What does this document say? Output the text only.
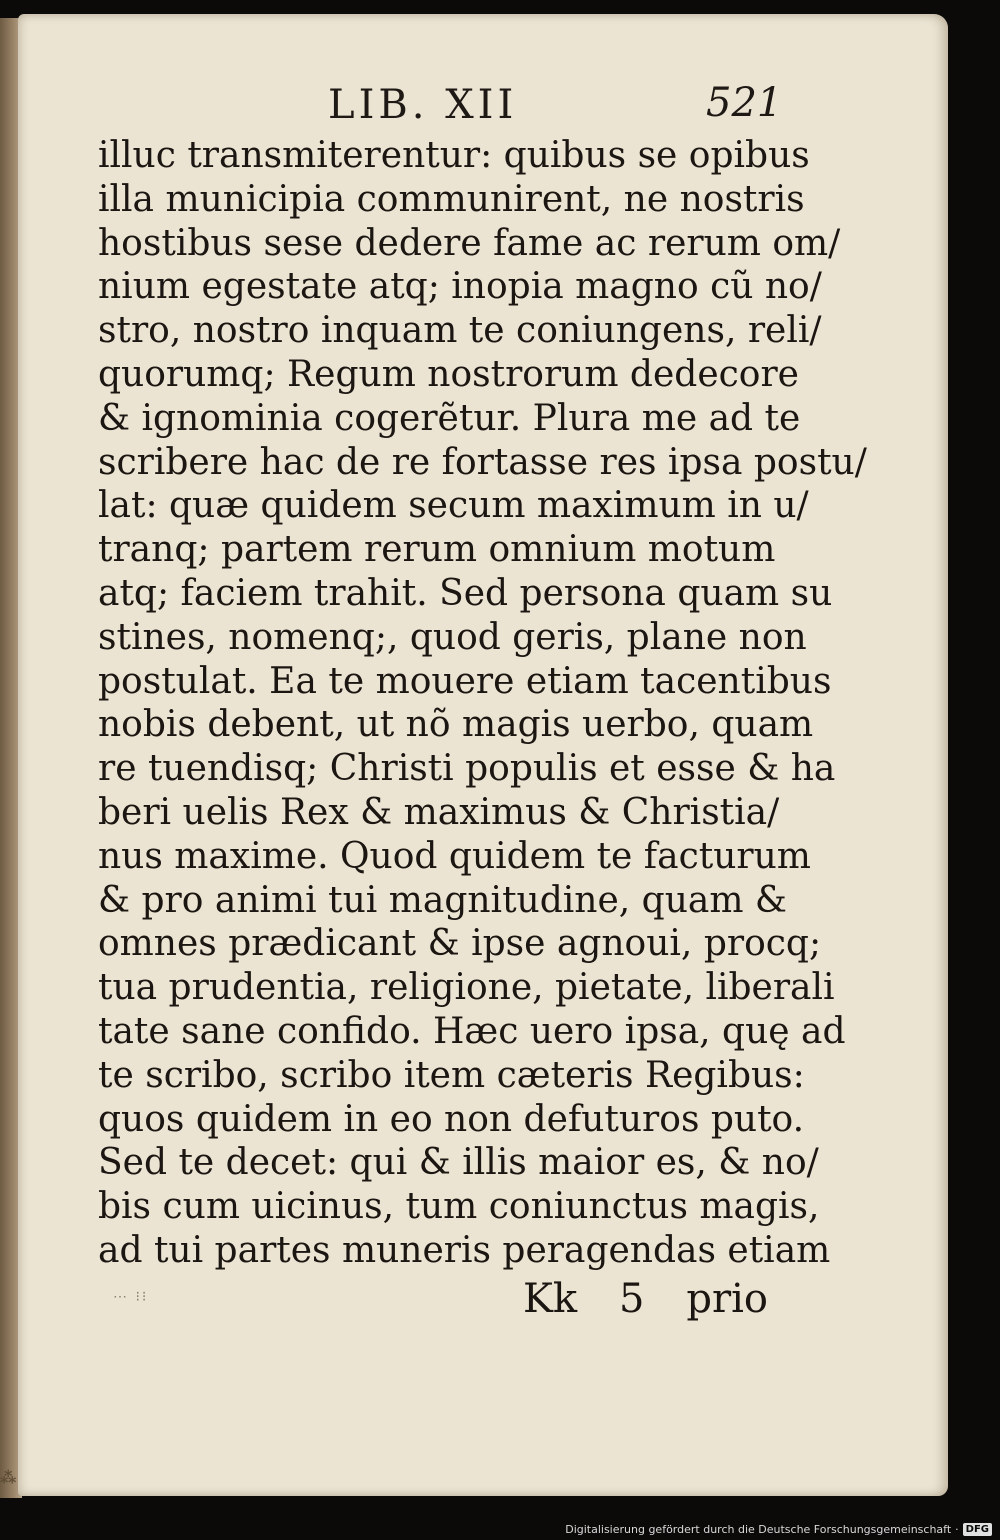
LIB. XII	521
illuc transmiterentur: quibus se opibus
illa municipia communirent, ne nostris
hostibus sese dedere fame ac rerum om/
nium egestate atq; inopia magno cũ no/
stro, nostro inquam te coniungens, reli/
quorumq; Regum nostrorum dedecore
& ignominia cogerẽtur. Plura me ad te
scribere hac de re fortasse res ipsa postu/
lat: quæ quidem secum maximum in u/
tranq; partem rerum omnium motum
atq; faciem trahit. Sed persona quam su
stines, nomenq;, quod geris, plane non
postulat. Ea te mouere etiam tacentibus
nobis debent, ut nõ magis uerbo, quam
re tuendisq; Christi populis et esse & ha
beri uelis Rex & maximus & Christia/
nus maxime. Quod quidem te facturum
& pro animi tui magnitudine, quam &
omnes prædicant & ipse agnoui, procq;
tua prudentia, religione, pietate, liberali
tate sane confido. Hæc uero ipsa, quę ad
te scribo, scribo item cæteris Regibus:
quos quidem in eo non defuturos puto.
Sed te decet: qui & illis maior es, & no/
bis cum uicinus, tum coniunctus magis,
ad tui partes muneris peragendas etiam
⋯ ⁝⁝	Kk 5 prio
⁂
Digitalisierung gefördert durch die Deutsche Forschungsgemeinschaft · DFG
